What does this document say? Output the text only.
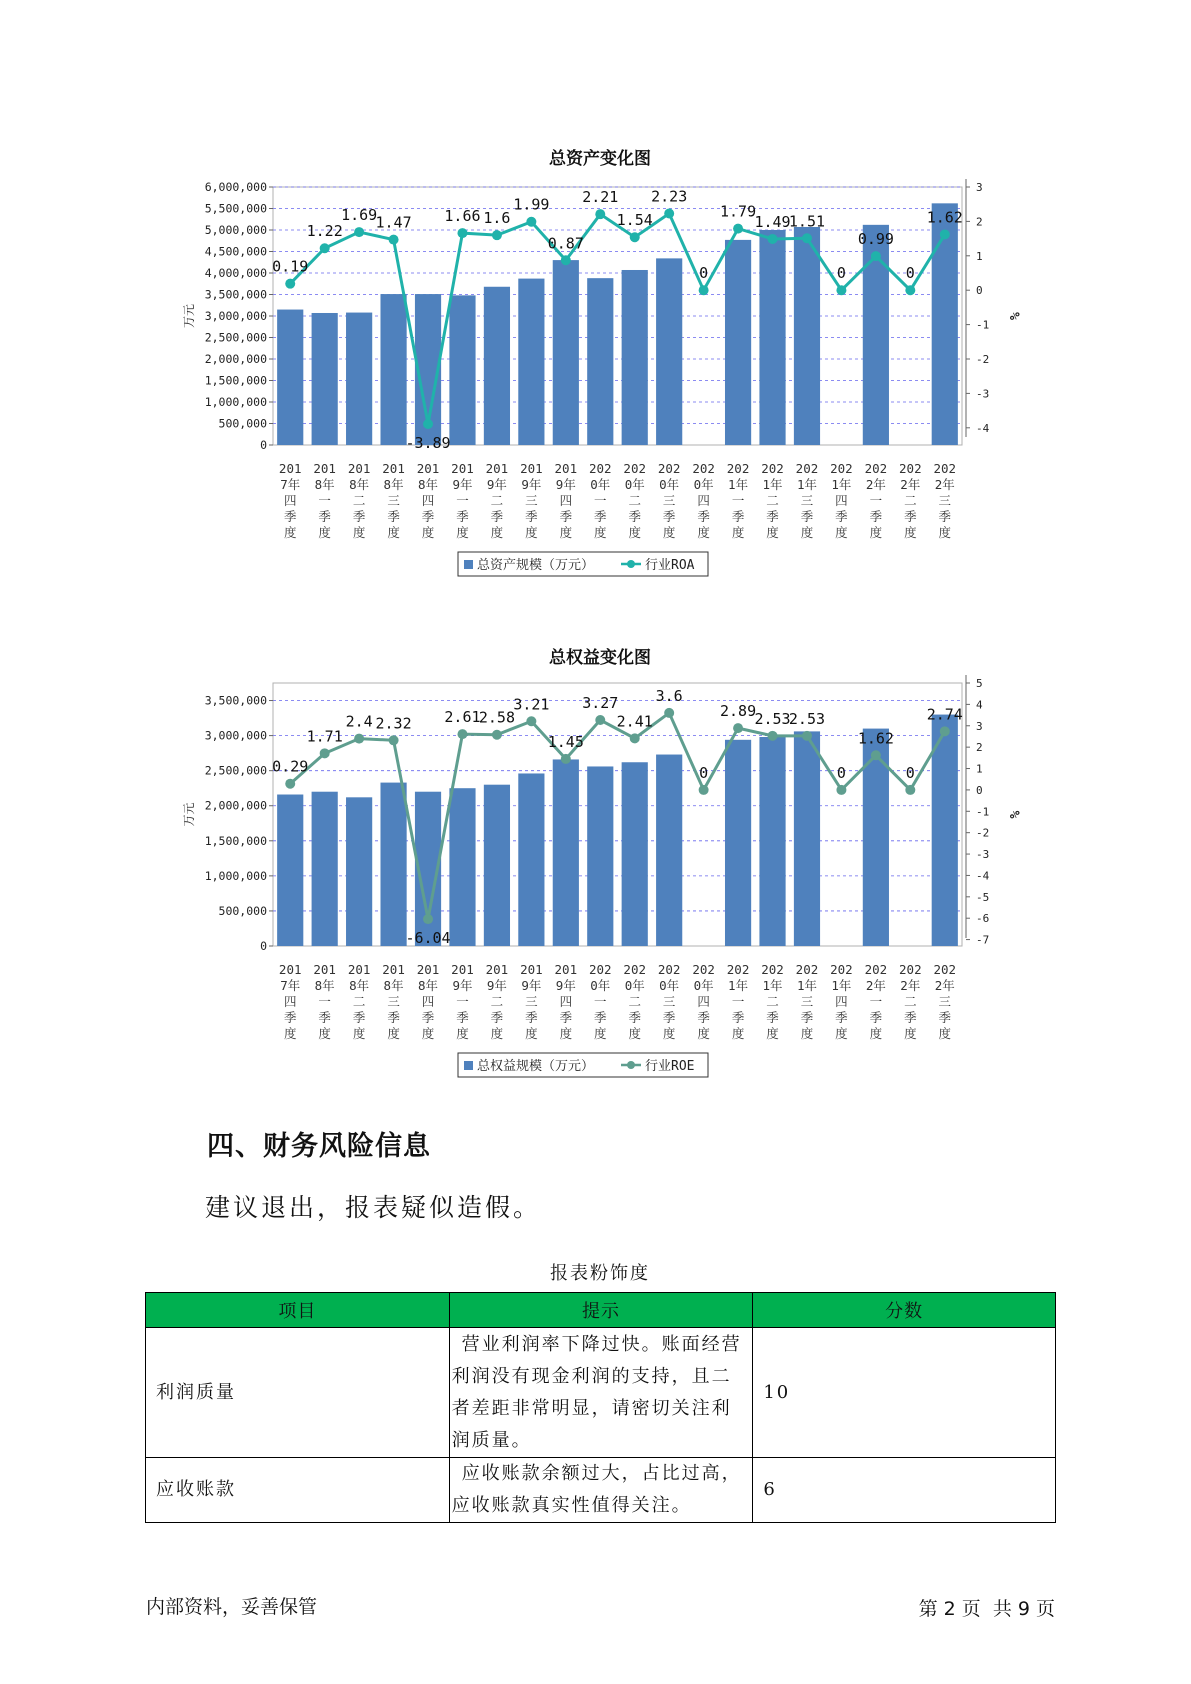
总资产变化图
6,000,000
5,500,000
5,000,000
4,500,000
4,000,000
3,500,000
3,000,000
2,500,000
2,000,000
1,500,000
1,000,000
500,000
0
3
2
1
0
-1
-2
-3
-4
万元	%
0.19
1.22
1.69
1.47
-3.89
1.66 1.6
1.99
0.87
2.21
1.54
2.23
0
1.79
1.49
1.51
0
0.99
0
1.62
201
7年
四
季
度
201
8年
一
季
度
201
8年
二
季
度
201
8年
三
季
度
201
8年
四
季
度
201
9年
一
季
度
201
9年
二
季
度
201
9年
三
季
度
201
9年
四
季
度
202
0年
一
季
度
202
0年
二
季
度
202
0年
三
季
度
202
0年
四
季
度
202
1年
一
季
度
202
1年
二
季
度
202
1年
三
季
度
202
1年
四
季
度
202
2年
一
季
度
202
2年
二
季
度
202
2年
三
季
度
总资产规模（万元）	行业ROA
总权益变化图
3,500,000
3,000,000
2,500,000
2,000,000
1,500,000
1,000,000
500,000
0
5
4
3
2
1
0
-1
-2
-3
-4
-5
-6
-7
万元	%
0.29
1.71
2.4 2.32
-6.04
2.61
2.58
3.21
1.45
3.27
2.41
3.6
0
2.89
2.53
2.53
0
1.62
0
2.74
201
7年
四
季
度
201
8年
一
季
度
201
8年
二
季
度
201
8年
三
季
度
201
8年
四
季
度
201
9年
一
季
度
201
9年
二
季
度
201
9年
三
季
度
201
9年
四
季
度
202
0年
一
季
度
202
0年
二
季
度
202
0年
三
季
度
202
0年
四
季
度
202
1年
一
季
度
202
1年
二
季
度
202
1年
三
季
度
202
1年
四
季
度
202
2年
一
季
度
202
2年
二
季
度
202
2年
三
季
度
总权益规模（万元）	行业ROE
四、财务风险信息
建议退出，报表疑似造假。
报表粉饰度
项目	提示	分数
利润质量	营业利润率下降过快。账面经营利润没有现金利润的支持，且二者差距非常明显，请密切关注利润质量。	10
应收账款	应收账款余额过大，占比过高，应收账款真实性值得关注。	6
内部资料，妥善保管	第 2 页  共 9 页
